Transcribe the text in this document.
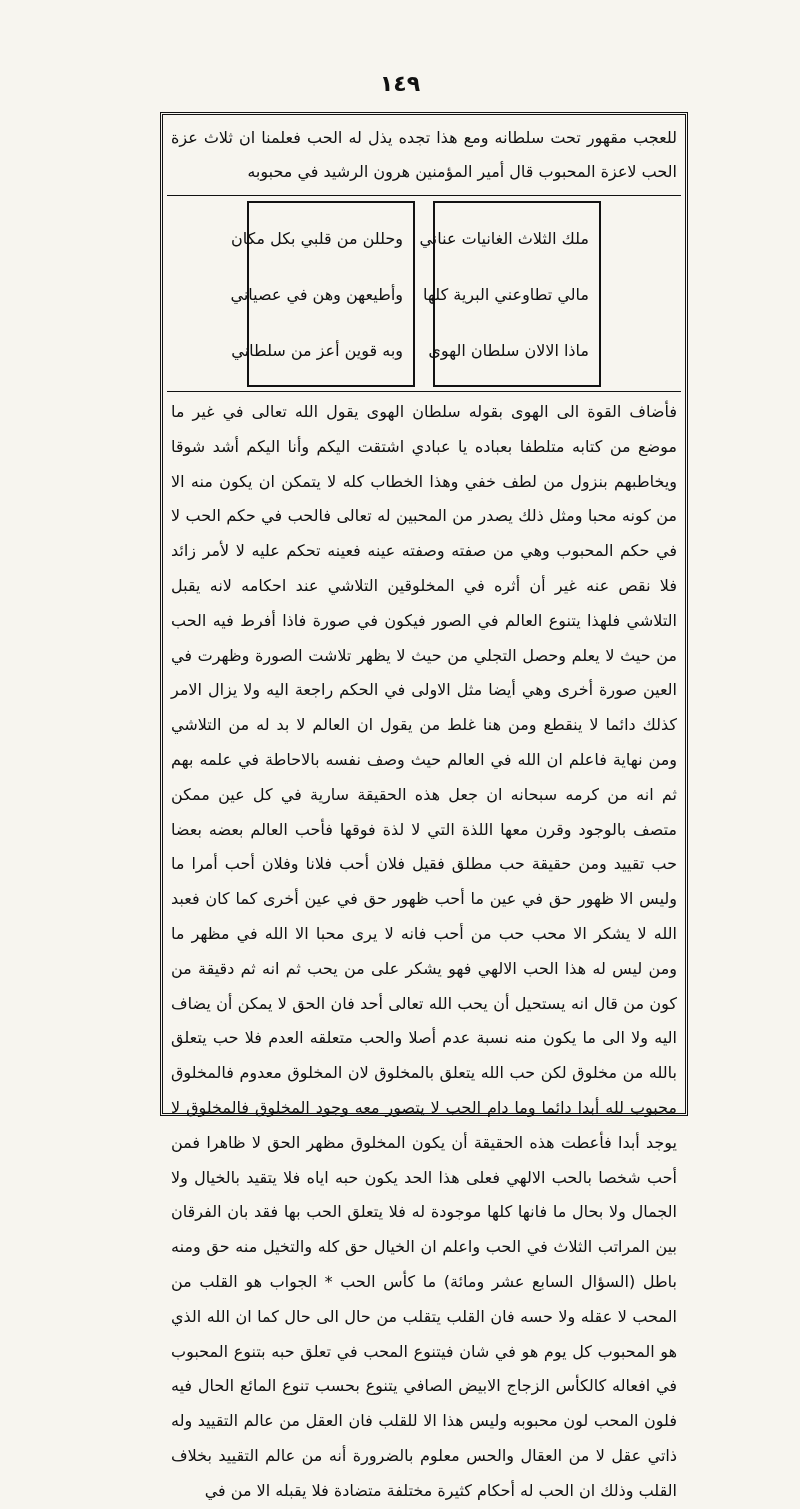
١٤٩
للعجب مقهور تحت سلطانه ومع هذا تجده يذل له الحب فعلمنا ان ثلاث عزة الحب لاعزة المحبوب قال أمير المؤمنين هرون الرشيد في محبوبه
ملك الثلاث الغانيات عناني
مالي تطاوعني البرية كلها
ماذا الالان سلطان الهوى
وحللن من قلبي بكل مكان
وأطيعهن وهن في عصياني
وبه قوين أعز من سلطاني

فأضاف القوة الى الهوى بقوله سلطان الهوى يقول الله تعالى في غير ما موضع من كتابه متلطفا بعباده يا عبادي اشتقت اليكم وأنا اليكم أشد شوقا ويخاطبهم بنزول من لطف خفي وهذا الخطاب كله لا يتمكن ان يكون منه الا من كونه محبا ومثل ذلك يصدر من المحبين له تعالى فالحب في حكم الحب لا في حكم المحبوب وهي من صفته وصفته عينه فعينه تحكم عليه لا لأمر زائد فلا نقص عنه غير أن أثره في المخلوقين التلاشي عند احكامه لانه يقبل التلاشي فلهذا يتنوع العالم في الصور فيكون في صورة فاذا أفرط فيه الحب من حيث لا يعلم وحصل التجلي من حيث لا يظهر تلاشت الصورة وظهرت في العين صورة أخرى وهي أيضا مثل الاولى في الحكم راجعة اليه ولا يزال الامر كذلك دائما لا ينقطع ومن هنا غلط من يقول ان العالم لا بد له من التلاشي ومن نهاية فاعلم ان الله في العالم حيث وصف نفسه بالاحاطة في علمه بهم ثم انه من كرمه سبحانه ان جعل هذه الحقيقة سارية في كل عين ممكن متصف بالوجود وقرن معها اللذة التي لا لذة فوقها فأحب العالم بعضه بعضا حب تقييد ومن حقيقة حب مطلق فقيل فلان أحب فلانا وفلان أحب أمرا ما وليس الا ظهور حق في عين ما أحب ظهور حق في عين أخرى كما كان فعبد الله لا يشكر الا محب حب من أحب فانه لا يرى محبا الا الله في مظهر ما ومن ليس له هذا الحب الالهي فهو يشكر على من يحب ثم انه ثم دقيقة من كون من قال انه يستحيل أن يحب الله تعالى أحد فان الحق لا يمكن أن يضاف اليه ولا الى ما يكون منه نسبة عدم أصلا والحب متعلقه العدم فلا حب يتعلق بالله من مخلوق لكن حب الله يتعلق بالمخلوق لان المخلوق معدوم فالمخلوق محبوب لله أبدا دائما وما دام الحب لا يتصور معه وجود المخلوق فالمخلوق لا يوجد أبدا فأعطت هذه الحقيقة أن يكون المخلوق مظهر الحق لا ظاهرا فمن أحب شخصا بالحب الالهي فعلى هذا الحد يكون حبه اياه فلا يتقيد بالخيال ولا الجمال ولا بحال ما فانها كلها موجودة له فلا يتعلق الحب بها فقد بان الفرقان بين المراتب الثلاث في الحب واعلم ان الخيال حق كله والتخيل منه حق ومنه باطل (السؤال السابع عشر ومائة) ما كأس الحب * الجواب هو القلب من المحب لا عقله ولا حسه فان القلب يتقلب من حال الى حال كما ان الله الذي هو المحبوب كل يوم هو في شان فيتنوع المحب في تعلق حبه بتنوع المحبوب في افعاله كالكأس الزجاج الابيض الصافي يتنوع بحسب تنوع المائع الحال فيه فلون المحب لون محبوبه وليس هذا الا للقلب فان العقل من عالم التقييد وله ذاتي عقل لا من العقال والحس معلوم بالضرورة أنه من عالم التقييد بخلاف القلب وذلك ان الحب له أحكام كثيرة مختلفة متضادة فلا يقبله الا من في
